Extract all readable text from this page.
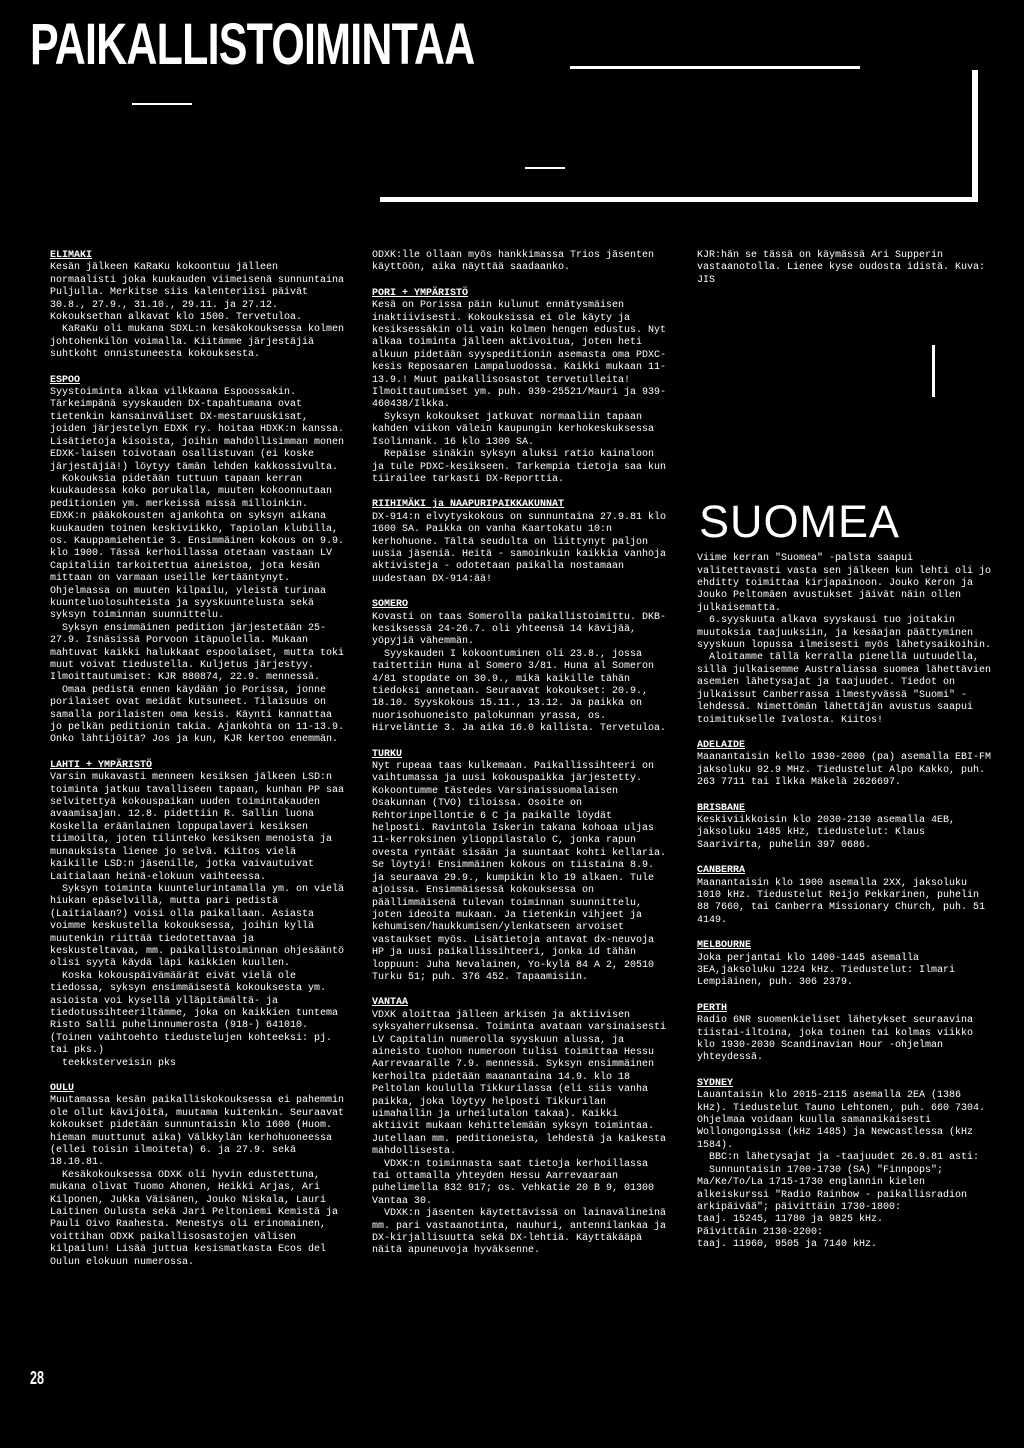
PAIKALLISTOIMINTAA

ELIMAKI

Kesän jälkeen KaRaKu kokoontuu jälleen normaalisti joka kuukauden viimeisenä sunnuntaina Puljulla. Merkitse siis kalenteriisi päivät 30.8., 27.9., 31.10., 29.11. ja 27.12. Kokouksethan alkavat klo 1500. Tervetuloa.

KaRaKu oli mukana SDXL:n kesäkokouksessa kolmen johtohenkilön voimalla. Kiitämme järjestäjiä suhtkoht onnistuneesta kokouksesta.

ESPOO

Syystoiminta alkaa vilkkaana Espoossakin. Tärkeimpänä syyskauden DX-tapahtumana ovat tietenkin kansainväliset DX-mestaruuskisat, joiden järjestelyn EDXK ry. hoitaa HDXK:n kanssa. Lisätietoja kisoista, joihin mahdollisimman monen EDXK-laisen toivotaan osallistuvan (ei koske järjestäjiä!) löytyy tämän lehden kakkossivulta.

Kokouksia pidetään tuttuun tapaan kerran kuukaudessa koko porukalla, muuten kokoonnutaan peditionien ym. merkeissä missä milloinkin. EDXK:n pääkokousten ajankohta on syksyn aikana kuukauden toinen keskiviikko, Tapiolan klubilla, os. Kauppamiehentie 3. Ensimmäinen kokous on 9.9. klo 1900. Tässä kerhoillassa otetaan vastaan LV Capitaliin tarkoitettua aineistoa, jota kesän mittaan on varmaan useille kertääntynyt. Ohjelmassa on muuten kilpailu, yleistä turinaa kuunteluolosuhteista ja syyskuuntelusta sekä syksyn toiminnan suunnittelu.

Syksyn ensimmäinen pedition järjestetään 25-27.9. Isnäsissä Porvoon itäpuolella. Mukaan mahtuvat kaikki halukkaat espoolaiset, mutta toki muut voivat tiedustella. Kuljetus järjestyy. Ilmoittautumiset: KJR 880874, 22.9. mennessä.

Omaa pedistä ennen käydään jo Porissa, jonne porilaiset ovat meidät kutsuneet. Tilaisuus on samalla porilaisten oma kesis. Käynti kannattaa jo pelkän peditionin takia. Ajankohta on 11-13.9. Onko lähtijöitä? Jos ja kun, KJR kertoo enemmän.

LAHTI + YMPÄRISTÖ

Varsin mukavasti menneen kesiksen jälkeen LSD:n toiminta jatkuu tavalliseen tapaan, kunhan PP saa selvitettyä kokouspaikan uuden toimintakauden avaamisajan. 12.8. pidettiin R. Sallin luona Koskella eräänlainen loppupalaveri kesiksen tiimoilta, joten tilinteko kesiksen menoista ja munauksista lienee jo selvä. Kiitos vielä kaikille LSD:n jäsenille, jotka vaivautuivat Laitialaan heinä-elokuun vaihteessa.

Syksyn toiminta kuuntelurintamalla ym. on vielä hiukan epäselvillä, mutta pari pedistä (Laitialaan?) voisi olla paikallaan. Asiasta voimme keskustella kokouksessa, joihin kyllä muutenkin riittää tiedotettavaa ja keskusteltavaa, mm. paikallistoiminnan ohjesääntö olisi syytä käydä läpi kaikkien kuullen.

Koska kokouspäivämäärät eivät vielä ole tiedossa, syksyn ensimmäisestä kokouksesta ym. asioista voi kysellä ylläpitämältä- ja tiedotussihteeriltämme, joka on kaikkien tuntema Risto Salli puhelinnumerosta (918-) 641010. (Toinen vaihtoehto tiedustelujen kohteeksi: pj. tai pks.)

teekksterveisin pks

OULU

Muutamassa kesän paikalliskokouksessa ei pahemmin ole ollut kävijöitä, muutama kuitenkin. Seuraavat kokoukset pidetään sunnuntaisin klo 1600 (Huom. hieman muuttunut aika) Välkkylän kerhohuoneessa (ellei toisin ilmoiteta) 6. ja 27.9. sekä 18.10.81.

Kesäkokouksessa ODXK oli hyvin edustettuna, mukana olivat Tuomo Ahonen, Heikki Arjas, Ari Kilponen, Jukka Väisänen, Jouko Niskala, Lauri Laitinen Oulusta sekä Jari Peltoniemi Kemistä ja Pauli Oivo Raahesta. Menestys oli erinomainen, voittihan ODXK paikallisosastojen välisen kilpailun! Lisää juttua kesismatkasta Ecos del Oulun elokuun numerossa.

ODXK:lle ollaan myös hankkimassa Trios jäsenten käyttöön, aika näyttää saadaanko.

PORI + YMPÄRISTÖ

Kesä on Porissa päin kulunut ennätysmäisen inaktiivisesti. Kokouksissa ei ole käyty ja kesiksessäkin oli vain kolmen hengen edustus. Nyt alkaa toiminta jälleen aktivoitua, joten heti alkuun pidetään syyspeditionin asemasta oma PDXC-kesis Reposaaren Lampaluodossa. Kaikki mukaan 11-13.9.! Muut paikallisosastot tervetulleita! Ilmoittautumiset ym. puh. 939-25521/Mauri ja 939-460438/Ilkka.

Syksyn kokoukset jatkuvat normaaliin tapaan kahden viikon välein kaupungin kerhokeskuksessa Isolinnank. 16 klo 1300 SA.

Repäise sinäkin syksyn aluksi ratio kainaloon ja tule PDXC-kesikseen. Tarkempia tietoja saa kun tiirailee tarkasti DX-Reporttia.

RIIHIMÄKI ja NAAPURIPAIKKAKUNNAT

DX-914:n elvytyskokous on sunnuntaina 27.9.81 klo 1600 SA. Paikka on vanha Kaartokatu 10:n kerhohuone. Tältä seudulta on liittynyt paljon uusia jäseniä. Heitä - samoinkuin kaikkia vanhoja aktivisteja - odotetaan paikalla nostamaan uudestaan DX-914:ää!

SOMERO

Kovasti on taas Somerolla paikallistoimittu. DKB-kesiksessä 24-26.7. oli yhteensä 14 kävijää, yöpyjiä vähemmän.

Syyskauden I kokoontuminen oli 23.8., jossa taitettiin Huna al Somero 3/81. Huna al Someron 4/81 stopdate on 30.9., mikä kaikille tähän tiedoksi annetaan. Seuraavat kokoukset: 20.9., 18.10. Syyskokous 15.11., 13.12. Ja paikka on nuorisohuoneisto palokunnan yrassa, os. Hirveläntie 3. Ja aika 16.0 kallista. Tervetuloa.

TURKU

Nyt rupeaa taas kulkemaan. Paikallissihteeri on vaihtumassa ja uusi kokouspaikka järjestetty. Kokoontumme tästedes Varsinaissuomalaisen Osakunnan (TVO) tiloissa. Osoite on Rehtorinpellontie 6 C ja paikalle löydät helposti. Ravintola Iskerin takana kohoaa uljas 11-kerroksinen ylioppilastalo C, jonka rapun ovesta ryntäät sisään ja suuntaat kohti kellaria. Se löytyi! Ensimmäinen kokous on tiistaina 8.9. ja seuraava 29.9., kumpikin klo 19 alkaen. Tule ajoissa. Ensimmäisessä kokouksessa on päällimmäisenä tulevan toiminnan suunnittelu, joten ideoita mukaan. Ja tietenkin vihjeet ja kehumisen/haukkumisen/ylenkatseen arvoiset vastaukset myös. Lisätietoja antavat dx-neuvoja HP ja uusi paikallissihteeri, jonka id tähän loppuun: Juha Nevalainen, Yo-kylä 84 A 2, 20510 Turku 51; puh. 376 452. Tapaamisiin.

VANTAA

VDXK aloittaa jälleen arkisen ja aktiivisen syksyaherruksensa. Toiminta avataan varsinaisesti LV Capitalin numerolla syyskuun alussa, ja aineisto tuohon numeroon tulisi toimittaa Hessu Aarrevaaralle 7.9. mennessä. Syksyn ensimmäinen kerhoilta pidetään maanantaina 14.9. klo 18 Peltolan koululla Tikkurilassa (eli siis vanha paikka, joka löytyy helposti Tikkurilan uimahallin ja urheilutalon takaa). Kaikki aktiivit mukaan kehittelemään syksyn toimintaa. Jutellaan mm. peditioneista, lehdestä ja kaikesta mahdollisesta.

VDXK:n toiminnasta saat tietoja kerhoillassa tai ottamalla yhteyden Hessu Aarrevaaraan puhelimella 832 917; os. Vehkatie 20 B 9, 01300 Vantaa 30.

VDXK:n jäsenten käytettävissä on lainavälineinä mm. pari vastaanotinta, nauhuri, antennilankaa ja DX-kirjallisuutta sekä DX-lehtiä. Käyttäkääpä näitä apuneuvoja hyväksenne.

KJR:hän se tässä on käymässä Ari Supperin vastaanotolla. Lienee kyse oudosta idistä. Kuva: JIS

SUOMEA

Viime kerran "Suomea" -palsta saapui valitettavasti vasta sen jälkeen kun lehti oli jo ehditty toimittaa kirjapainoon. Jouko Keron ja Jouko Peltomäen avustukset jäivät näin ollen julkaisematta.

6.syyskuuta alkava syyskausi tuo joitakin muutoksia taajuuksiin, ja kesäajan päättyminen syyskuun lopussa ilmeisesti myös lähetysaikoihin.

Aloitamme tällä kerralla pienellä uutuudella, sillä julkaisemme Australiassa suomea lähettävien asemien lähetysajat ja taajuudet. Tiedot on julkaissut Canberrassa ilmestyvässä "Suomi" -lehdessä. Nimettömän lähettäjän avustus saapui toimitukselle Ivalosta. Kiitos!

ADELAIDE

Maanantaisin kello 1930-2000 (pa) asemalla EBI-FM jaksoluku 92.9 MHz. Tiedustelut Alpo Kakko, puh. 263 7711 tai Ilkka Mäkelä 2626697.

BRISBANE

Keskiviikkoisin klo 2030-2130 asemalla 4EB, jaksoluku 1485 kHz, tiedustelut: Klaus Saarivirta, puhelin 397 0686.

CANBERRA

Maanantaisin klo 1900 asemalla 2XX, jaksoluku 1010 kHz. Tiedustelut Reijo Pekkarinen, puhelin 88 7660, tai Canberra Missionary Church, puh. 51 4149.

MELBOURNE

Joka perjantai klo 1400-1445 asemalla 3EA,jaksoluku 1224 kHz. Tiedustelut: Ilmari Lempiäinen, puh. 306 2379.

PERTH

Radio 6NR suomenkieliset lähetykset seuraavina tiistai-iltoina, joka toinen tai kolmas viikko klo 1930-2030 Scandinavian Hour -ohjelman yhteydessä.

SYDNEY

Lauantaisin klo 2015-2115 asemalla 2EA (1386 kHz). Tiedustelut Tauno Lehtonen, puh. 660 7304. Ohjelmaa voidaan kuulla samanaikaisesti Wollongongissa (kHz 1485) ja Newcastlessa (kHz 1584).

BBC:n lähetysajat ja -taajuudet 26.9.81 asti:

Sunnuntaisin 1700-1730 (SA) "Finnpops"; Ma/Ke/To/La 1715-1730 englannin kielen alkeiskurssi "Radio Rainbow - paikallisradion arkipäivää"; päivittäin 1730-1800:
taaj. 15245, 11780 ja 9825 kHz.
Päivittäin 2130-2200:
taaj. 11960, 9505 ja 7140 kHz.

28
